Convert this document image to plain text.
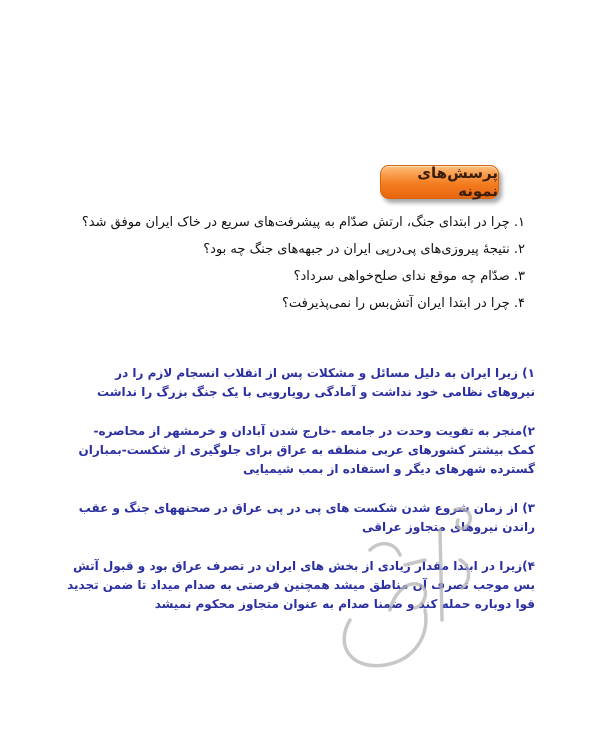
پرسش‌های نمونه
۱. چرا در ابتدای جنگ، ارتش صدّام به پیشرفت‌های سریع در خاک ایران موفق شد؟
۲. نتیجهٔ پیروزی‌های پی‌درپی ایران در جبهه‌های جنگ چه بود؟
۳. صدّام چه موقع ندای صلح‌خواهی سرداد؟
۴. چرا در ابتدا ایران آتش‌بس را نمی‌پذیرفت؟

۱) زیرا ایران به دلیل مسائل و مشکلات پس از انقلاب انسجام لازم را در نیروهای نظامی خود نداشت و آمادگی رویارویی با یک جنگ بزرگ را نداشت

۲)منجر به تقویت وحدت در جامعه -خارج شدن آبادان و خرمشهر از محاصره- کمک بیشتر کشورهای عربی منطقه به عراق برای جلوگیری از شکست-بمباران گسترده شهرهای دیگر و استفاده از بمب شیمیایی

۳) از زمان شروع شدن شکست های پی در پی عراق در صحنههای جنگ و عقب راندن نیروهای متجاوز عراقی

۴)زیرا در ابتدا مقدار زیادی از بخش های ایران در تصرف عراق بود و قبول آتش بس موجب تصرف آن مناطق میشد همچنین فرصتی به صدام میداد تا ضمن تجدید قوا دوباره حمله کند و ضمنا صدام به عنوان متجاوز محکوم نمیشد
